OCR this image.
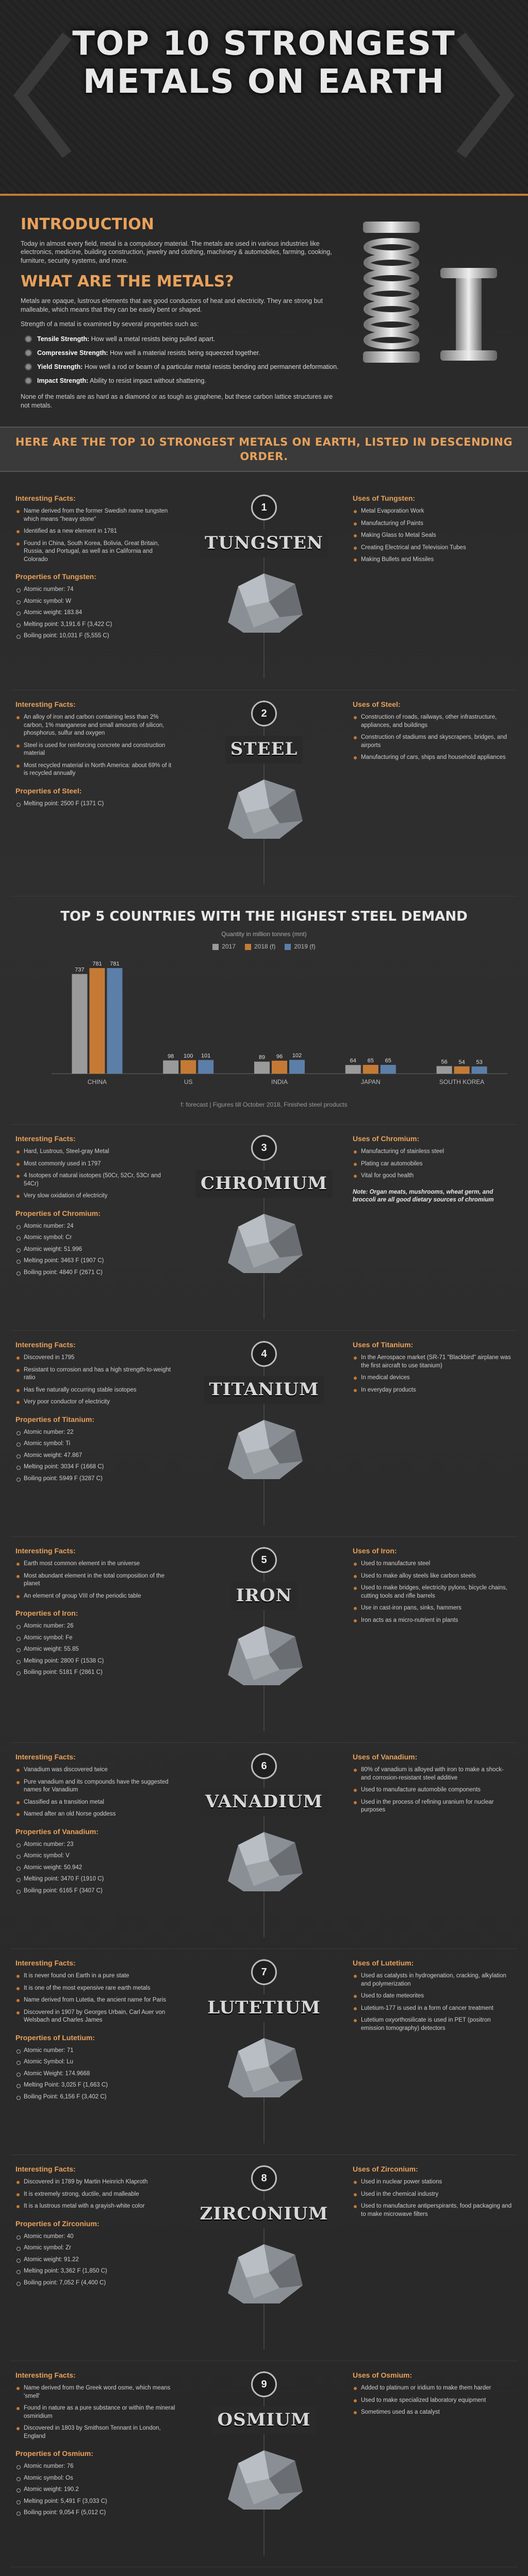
TOP 10 STRONGEST
METALS ON EARTH
INTRODUCTION

Today in almost every field, metal is a compulsory material. The metals are used in various industries like electronics, medicine, building construction, jewelry and clothing, machinery & automobiles, farming, cooking, furniture, security systems, and more.

WHAT ARE THE METALS?

Metals are opaque, lustrous elements that are good conductors of heat and electricity. They are strong but malleable, which means that they can be easily bent or shaped.

Strength of a metal is examined by several properties such as:

Tensile Strength: How well a metal resists being pulled apart.
Compressive Strength: How well a material resists being squeezed together.
Yield Strength: How well a rod or beam of a particular metal resists bending and permanent deformation.
Impact Strength: Ability to resist impact without shattering.

None of the metals are as hard as a diamond or as tough as graphene, but these carbon lattice structures are not metals.

HERE ARE THE TOP 10 STRONGEST METALS ON EARTH, LISTED IN DESCENDING ORDER.
Interesting Facts:
Name derived from the former Swedish name tungsten which means "heavy stone"
Identified as a new element in 1781
Found in China, South Korea, Bolivia, Great Britain, Russia, and Portugal, as well as in California and Colorado
Properties of Tungsten:
Atomic number: 74
Atomic symbol: W
Atomic weight: 183.84
Melting point: 3,191.6 F (3,422 C)
Boiling point: 10,031 F (5,555 C)
1
TUNGSTEN
Uses of Tungsten:
Metal Evaporation Work
Manufacturing of Paints
Making Glass to Metal Seals
Creating Electrical and Television Tubes
Making Bullets and Missiles
Interesting Facts:
An alloy of iron and carbon containing less than 2% carbon, 1% manganese and small amounts of silicon, phosphorus, sulfur and oxygen
Steel is used for reinforcing concrete and construction material
Most recycled material in North America: about 69% of it is recycled annually
Properties of Steel:
Melting point: 2500 F (1371 C)
2
STEEL
Uses of Steel:
Construction of roads, railways, other infrastructure, appliances, and buildings
Construction of stadiums and skyscrapers, bridges, and airports
Manufacturing of cars, ships and household appliances
TOP 5 COUNTRIES WITH THE HIGHEST STEEL DEMAND
Quantity in million tonnes (mnt)
2017	2018 (f)	2019 (f)
737
781 781
CHINA
98 100 101
US
89 96 102
INDIA
64 65 65
JAPAN
56 54 53
SOUTH KOREA
f: forecast | Figures till October 2018, Finished steel products
Interesting Facts:
Hard, Lustrous, Steel-gray Metal
Most commonly used in 1797
4 Isotopes of natural isotopes (50Cr, 52Cr, 53Cr and 54Cr)
Very slow oxidation of electricity
Properties of Chromium:
Atomic number: 24
Atomic symbol: Cr
Atomic weight: 51.996
Melting point: 3463 F (1907 C)
Boiling point: 4840 F (2671 C)
3
CHROMIUM
Uses of Chromium:
Manufacturing of stainless steel
Plating car automobiles
Vital for good health
Note: Organ meats, mushrooms, wheat germ, and broccoli are all good dietary sources of chromium
Interesting Facts:
Discovered in 1795
Resistant to corrosion and has a high strength-to-weight ratio
Has five naturally occurring stable isotopes
Very poor conductor of electricity
Properties of Titanium:
Atomic number: 22
Atomic symbol: Ti
Atomic weight: 47.867
Melting point: 3034 F (1668 C)
Boiling point: 5949 F (3287 C)
4
TITANIUM
Uses of Titanium:
In the Aerospace market (SR-71 "Blackbird" airplane was the first aircraft to use titanium)
In medical devices
In everyday products
Interesting Facts:
Earth most common element in the universe
Most abundant element in the total composition of the planet
An element of group VIII of the periodic table
Properties of Iron:
Atomic number: 26
Atomic symbol: Fe
Atomic weight: 55.85
Melting point: 2800 F (1538 C)
Boiling point: 5181 F (2861 C)
5
IRON
Uses of Iron:
Used to manufacture steel
Used to make alloy steels like carbon steels
Used to make bridges, electricity pylons, bicycle chains, cutting tools and rifle barrels
Use in cast-iron pans, sinks, hammers
Iron acts as a micro-nutrient in plants
Interesting Facts:
Vanadium was discovered twice
Pure vanadium and its compounds have the suggested names for Vanadium
Classified as a transition metal
Named after an old Norse goddess
Properties of Vanadium:
Atomic number: 23
Atomic symbol: V
Atomic weight: 50.942
Melting point: 3470 F (1910 C)
Boiling point: 6165 F (3407 C)
6
VANADIUM
Uses of Vanadium:
80% of vanadium is alloyed with iron to make a shock- and corrosion-resistant steel additive
Used to manufacture automobile components
Used in the process of refining uranium for nuclear purposes
Interesting Facts:
It is never found on Earth in a pure state
It is one of the most expensive rare earth metals
Name derived from Lutetia, the ancient name for Paris
Discovered in 1907 by Georges Urbain, Carl Auer von Welsbach and Charles James
Properties of Lutetium:
Atomic number: 71
Atomic Symbol: Lu
Atomic Weight: 174.9668
Melting Point: 3,025 F (1,663 C)
Boiling Point: 6,156 F (3,402 C)
7
LUTETIUM
Uses of Lutetium:
Used as catalysts in hydrogenation, cracking, alkylation and polymerization
Used to date meteorites
Lutetium-177 is used in a form of cancer treatment
Lutetium oxyorthosilicate is used in PET (positron emission tomography) detectors
Interesting Facts:
Discovered in 1789 by Martin Heinrich Klaproth
It is extremely strong, ductile, and malleable
It is a lustrous metal with a grayish-white color
Properties of Zirconium:
Atomic number: 40
Atomic symbol: Zr
Atomic weight: 91.22
Melting point: 3,362 F (1,850 C)
Boiling point: 7,052 F (4,400 C)
8
ZIRCONIUM
Uses of Zirconium:
Used in nuclear power stations
Used in the chemical industry
Used to manufacture antiperspirants, food packaging and to make microwave filters
Interesting Facts:
Name derived from the Greek word osme, which means 'smell'
Found in nature as a pure substance or within the mineral osmiridium
Discovered in 1803 by Smithson Tennant in London, England
Properties of Osmium:
Atomic number: 76
Atomic symbol: Os
Atomic weight: 190.2
Melting point: 5,491 F (3,033 C)
Boiling point: 9,054 F (5,012 C)
9
OSMIUM
Uses of Osmium:
Added to platinum or iridium to make them harder
Used to make specialized laboratory equipment
Sometimes used as a catalyst
